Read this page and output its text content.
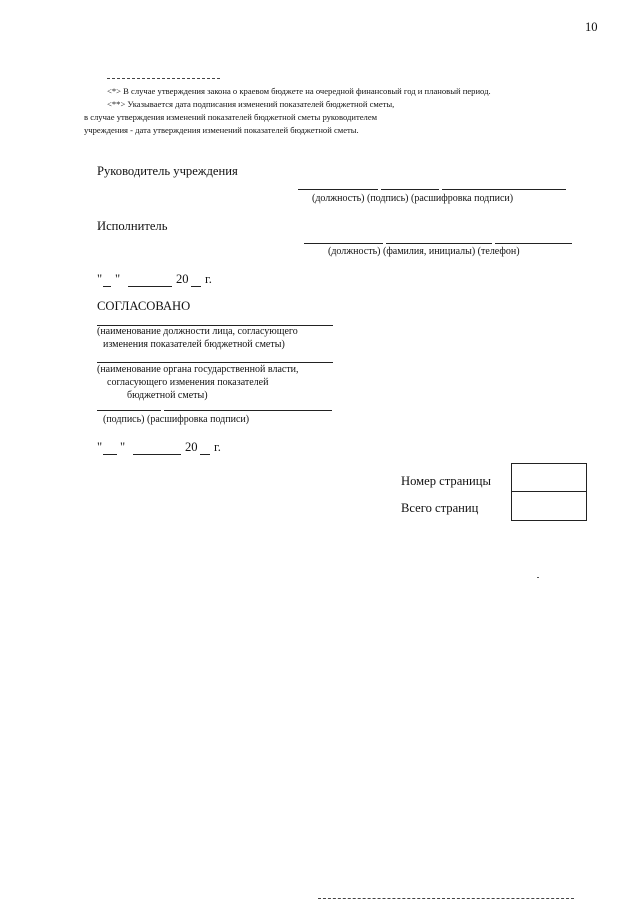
10
<*> В случае утверждения закона о краевом бюджете на очередной финансовый год и плановый период.
<**> Указывается дата подписания изменений показателей бюджетной сметы,
в случае утверждения изменений показателей бюджетной сметы руководителем
учреждения - дата утверждения изменений показателей бюджетной сметы.
Руководитель учреждения
(должность) (подпись) (расшифровка подписи)
Исполнитель
(должность) (фамилия, инициалы) (телефон)
" "	20 г.
СОГЛАСОВАНО
(наименование должности лица, согласующего
изменения показателей бюджетной сметы)
(наименование органа государственной власти,
согласующего изменения показателей
бюджетной сметы)
(подпись) (расшифровка подписи)
" "	20 г.
Номер страницы
Всего страниц
